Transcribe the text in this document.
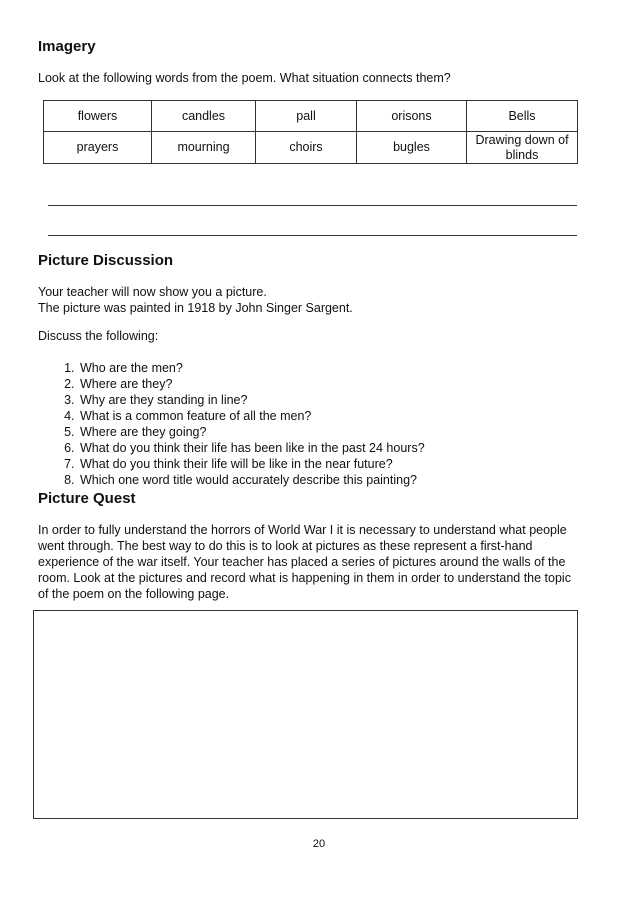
Imagery
Look at the following words from the poem. What situation connects them?
flowers	candles	pall	orisons	Bells
prayers	mourning	choirs	bugles	Drawing down of blinds
Picture Discussion
Your teacher will now show you a picture.
The picture was painted in 1918 by John Singer Sargent.
Discuss the following:
1. Who are the men?
2. Where are they?
3. Why are they standing in line?
4. What is a common feature of all the men?
5. Where are they going?
6. What do you think their life has been like in the past 24 hours?
7. What do you think their life will be like in the near future?
8. Which one word title would accurately describe this painting?
Picture Quest
In order to fully understand the horrors of World War I it is necessary to understand what people
went through. The best way to do this is to look at pictures as these represent a first-hand
experience of the war itself. Your teacher has placed a series of pictures around the walls of the
room. Look at the pictures and record what is happening in them in order to understand the topic
of the poem on the following page.
20
